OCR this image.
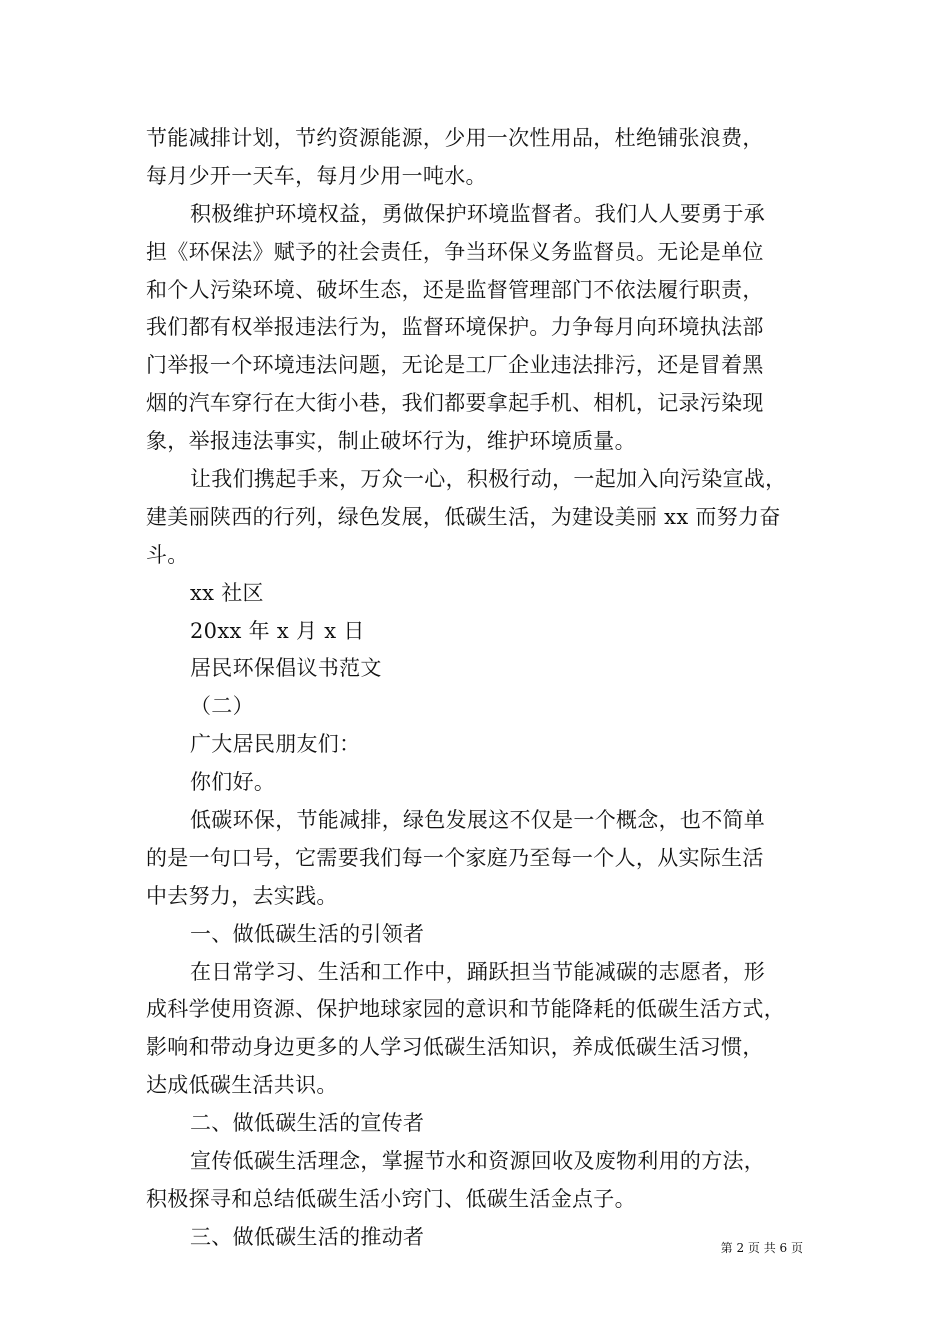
节能减排计划，节约资源能源，少用一次性用品，杜绝铺张浪费，
每月少开一天车，每月少用一吨水。
积极维护环境权益，勇做保护环境监督者。我们人人要勇于承
担《环保法》赋予的社会责任，争当环保义务监督员。无论是单位
和个人污染环境、破坏生态，还是监督管理部门不依法履行职责，
我们都有权举报违法行为，监督环境保护。力争每月向环境执法部
门举报一个环境违法问题，无论是工厂企业违法排污，还是冒着黑
烟的汽车穿行在大街小巷，我们都要拿起手机、相机，记录污染现
象，举报违法事实，制止破坏行为，维护环境质量。
让我们携起手来，万众一心，积极行动，一起加入向污染宣战，
建美丽陕西的行列，绿色发展，低碳生活，为建设美丽 xx 而努力奋
斗。
xx 社区
20xx 年 x 月 x 日
居民环保倡议书范文
（二）
广大居民朋友们：
你们好。
低碳环保，节能减排，绿色发展这不仅是一个概念，也不简单
的是一句口号，它需要我们每一个家庭乃至每一个人，从实际生活
中去努力，去实践。
一、做低碳生活的引领者
在日常学习、生活和工作中，踊跃担当节能减碳的志愿者，形
成科学使用资源、保护地球家园的意识和节能降耗的低碳生活方式，
影响和带动身边更多的人学习低碳生活知识，养成低碳生活习惯，
达成低碳生活共识。
二、做低碳生活的宣传者
宣传低碳生活理念，掌握节水和资源回收及废物利用的方法，
积极探寻和总结低碳生活小窍门、低碳生活金点子。
三、做低碳生活的推动者	第 2 页 共 6 页
